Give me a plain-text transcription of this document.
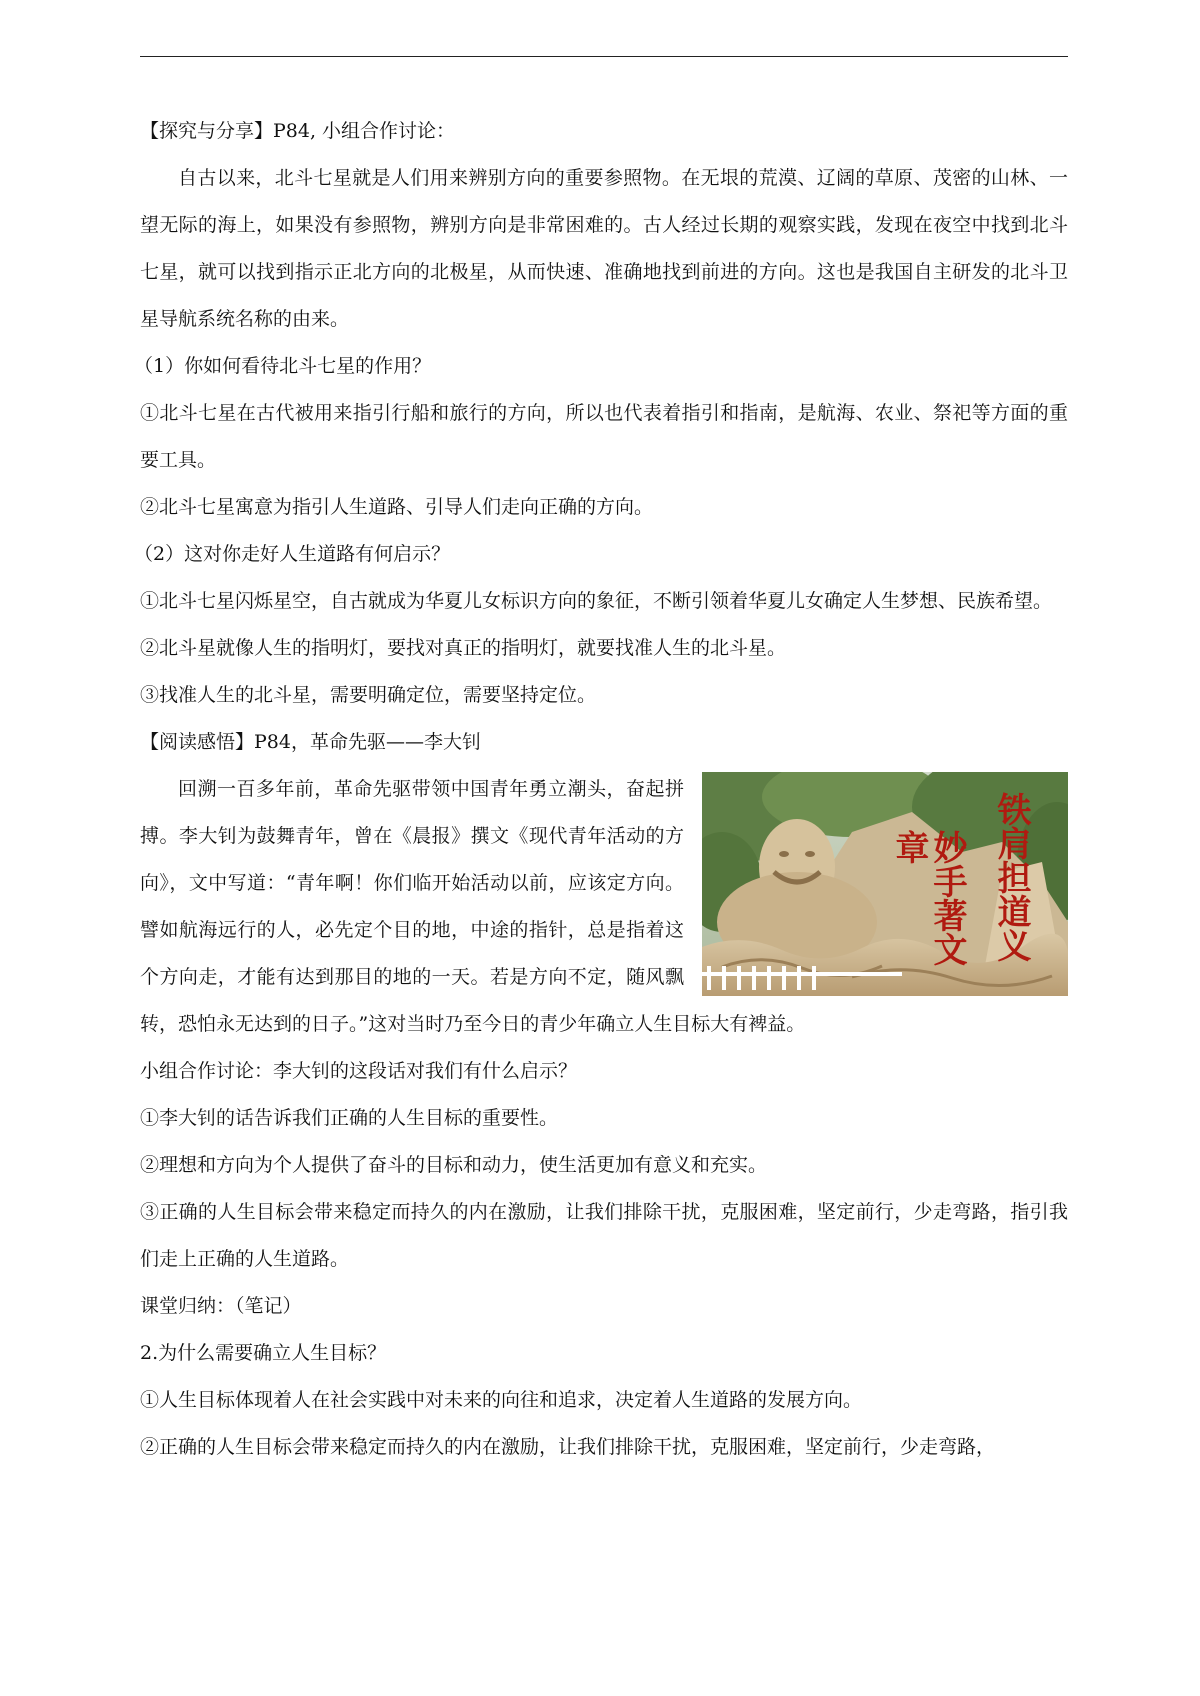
【探究与分享】P84, 小组合作讨论：

自古以来，北斗七星就是人们用来辨别方向的重要参照物。在无垠的荒漠、辽阔的草原、茂密的山林、一望无际的海上，如果没有参照物，辨别方向是非常困难的。古人经过长期的观察实践，发现在夜空中找到北斗七星，就可以找到指示正北方向的北极星，从而快速、准确地找到前进的方向。这也是我国自主研发的北斗卫星导航系统名称的由来。

（1）你如何看待北斗七星的作用？

①北斗七星在古代被用来指引行船和旅行的方向，所以也代表着指引和指南，是航海、农业、祭祀等方面的重要工具。

②北斗七星寓意为指引人生道路、引导人们走向正确的方向。

（2）这对你走好人生道路有何启示？

①北斗七星闪烁星空，自古就成为华夏儿女标识方向的象征，不断引领着华夏儿女确定人生梦想、民族希望。

②北斗星就像人生的指明灯，要找对真正的指明灯，就要找准人生的北斗星。

③找准人生的北斗星，需要明确定位，需要坚持定位。

【阅读感悟】P84，革命先驱——李大钊

妙手著文章	铁肩担道义

回溯一百多年前，革命先驱带领中国青年勇立潮头，奋起拼搏。李大钊为鼓舞青年，曾在《晨报》撰文《现代青年活动的方向》，文中写道：“青年啊！你们临开始活动以前，应该定方向。譬如航海远行的人，必先定个目的地，中途的指针，总是指着这个方向走，才能有达到那目的地的一天。若是方向不定，随风飘转，恐怕永无达到的日子。”这对当时乃至今日的青少年确立人生目标大有裨益。

小组合作讨论：李大钊的这段话对我们有什么启示？

①李大钊的话告诉我们正确的人生目标的重要性。

②理想和方向为个人提供了奋斗的目标和动力，使生活更加有意义和充实。

③正确的人生目标会带来稳定而持久的内在激励，让我们排除干扰，克服困难，坚定前行，少走弯路，指引我们走上正确的人生道路。

课堂归纳：（笔记）

2.为什么需要确立人生目标？

①人生目标体现着人在社会实践中对未来的向往和追求，决定着人生道路的发展方向。

②正确的人生目标会带来稳定而持久的内在激励，让我们排除干扰，克服困难，坚定前行，少走弯路，
